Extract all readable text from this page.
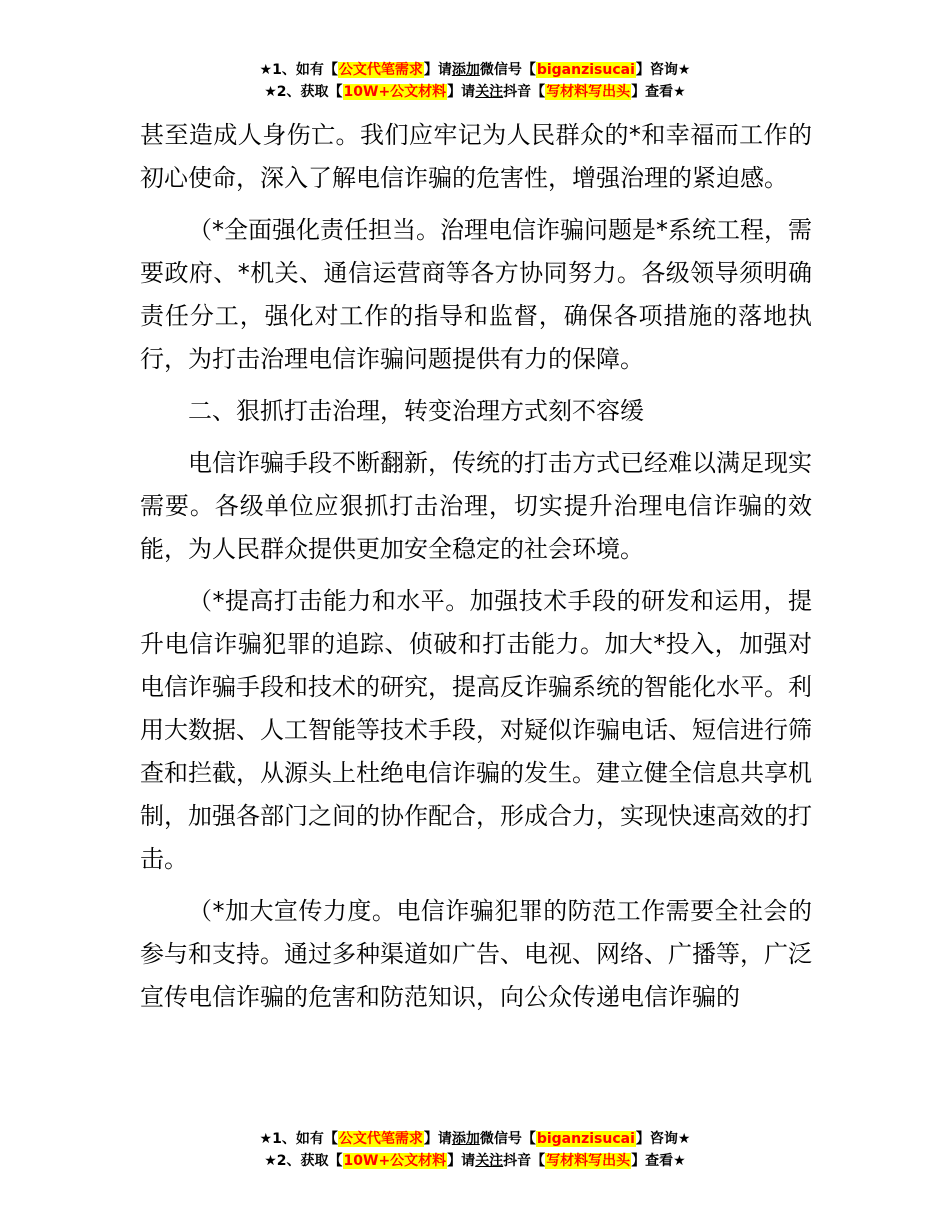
★1、如有【公文代笔需求】请添加微信号【biganzisucai】咨询★
★2、获取【10W+公文材料】请关注抖音【写材料写出头】查看★

甚至造成人身伤亡。我们应牢记为人民群众的*和幸福而工作的初心使命，深入了解电信诈骗的危害性，增强治理的紧迫感。

（*全面强化责任担当。治理电信诈骗问题是*系统工程，需要政府、*机关、通信运营商等各方协同努力。各级领导须明确责任分工，强化对工作的指导和监督，确保各项措施的落地执行，为打击治理电信诈骗问题提供有力的保障。

二、狠抓打击治理，转变治理方式刻不容缓

电信诈骗手段不断翻新，传统的打击方式已经难以满足现实需要。各级单位应狠抓打击治理，切实提升治理电信诈骗的效能，为人民群众提供更加安全稳定的社会环境。

（*提高打击能力和水平。加强技术手段的研发和运用，提升电信诈骗犯罪的追踪、侦破和打击能力。加大*投入，加强对电信诈骗手段和技术的研究，提高反诈骗系统的智能化水平。利用大数据、人工智能等技术手段，对疑似诈骗电话、短信进行筛查和拦截，从源头上杜绝电信诈骗的发生。建立健全信息共享机制，加强各部门之间的协作配合，形成合力，实现快速高效的打击。

（*加大宣传力度。电信诈骗犯罪的防范工作需要全社会的参与和支持。通过多种渠道如广告、电视、网络、广播等，广泛宣传电信诈骗的危害和防范知识，向公众传递电信诈骗的

★1、如有【公文代笔需求】请添加微信号【biganzisucai】咨询★
★2、获取【10W+公文材料】请关注抖音【写材料写出头】查看★
